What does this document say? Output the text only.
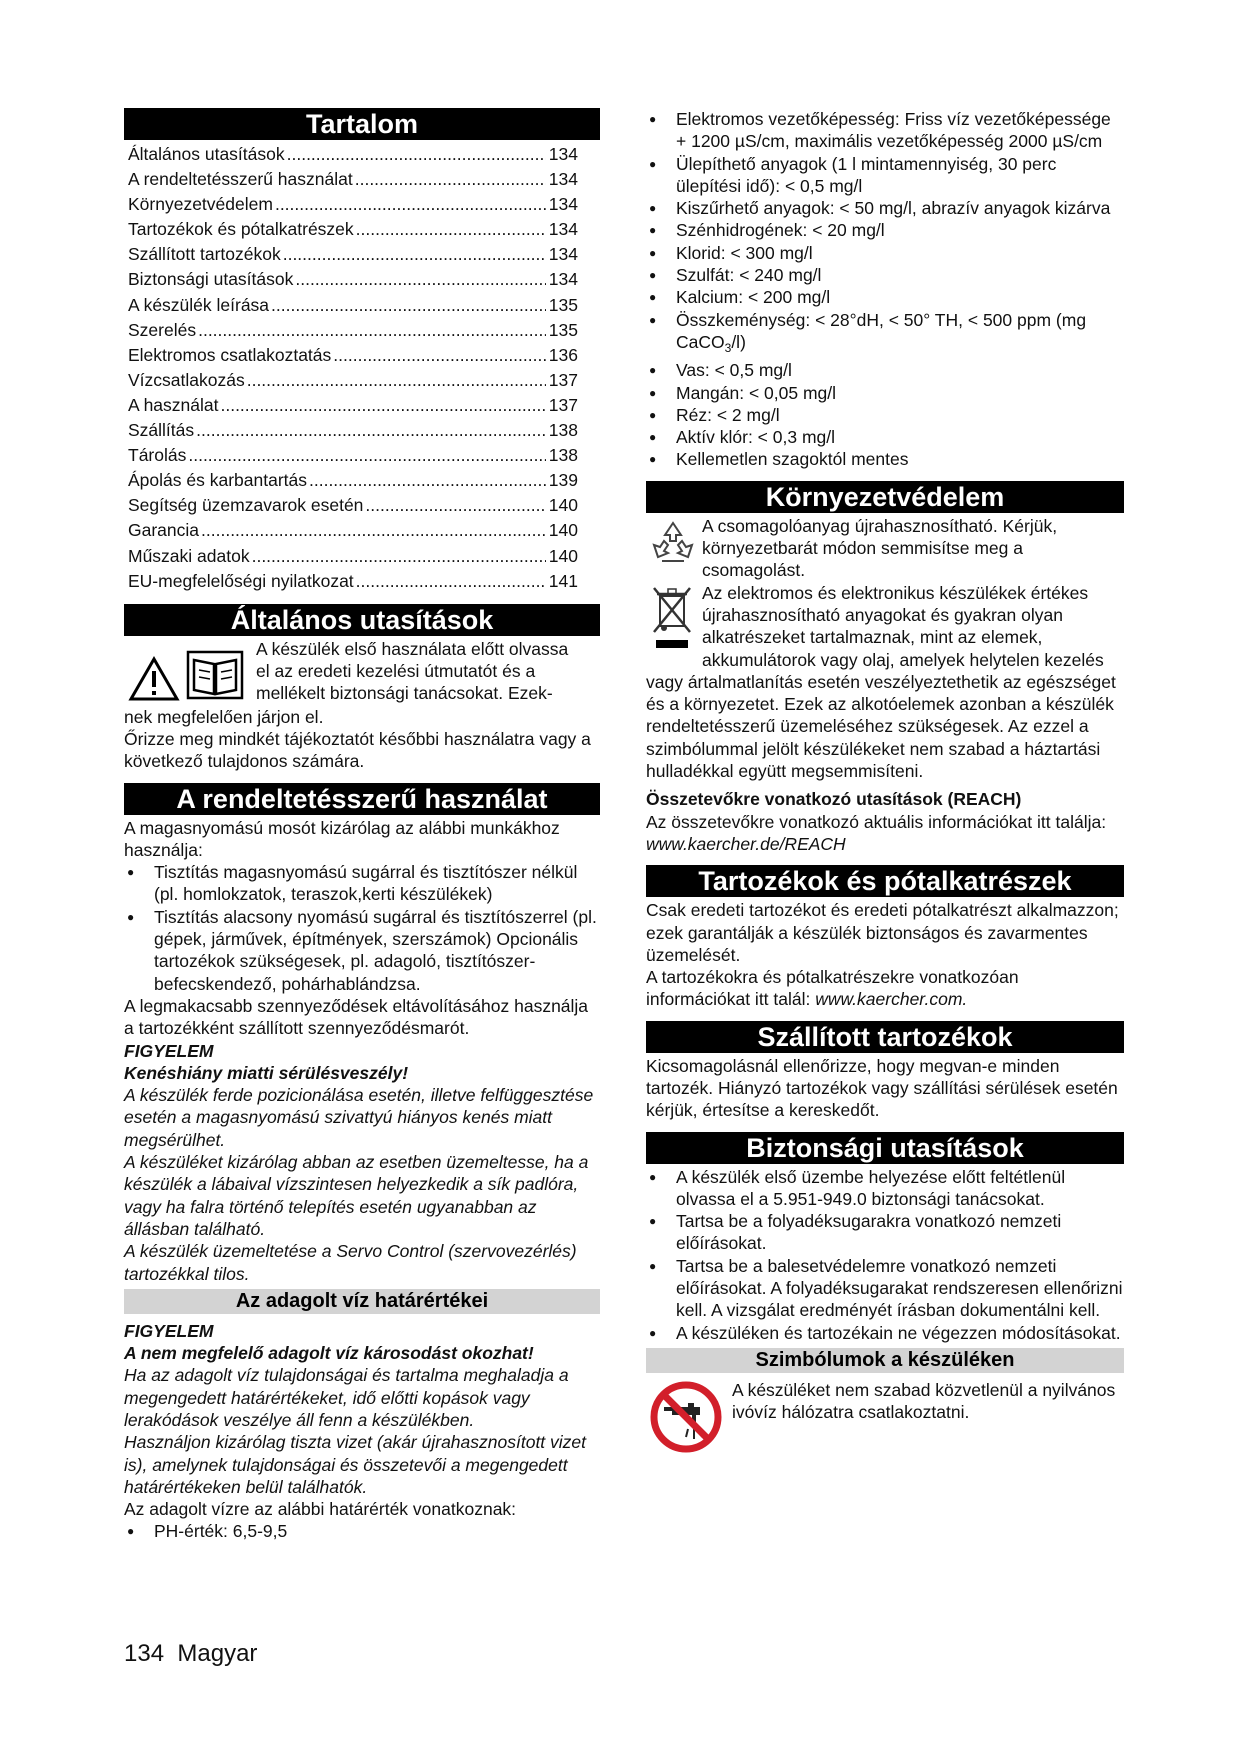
Tartalom
Általános utasítások .....	134
A rendeltetésszerű használat .....	134
Környezetvédelem .....	134
Tartozékok és pótalkatrészek .....	134
Szállított tartozékok .....	134
Biztonsági utasítások .....	134
A készülék leírása .....	135
Szerelés .....	135
Elektromos csatlakoztatás .....	136
Vízcsatlakozás .....	137
A használat .....	137
Szállítás .....	138
Tárolás .....	138
Ápolás és karbantartás .....	139
Segítség üzemzavarok esetén .....	140
Garancia .....	140
Műszaki adatok .....	140
EU-megfelelőségi nyilatkozat .....	141
Általános utasítások

A készülék első használata előtt olvassa

el az eredeti kezelési útmutatót és a

mellékelt biztonsági tanácsokat. Ezek-

nek megfelelően járjon el.

Őrizze meg mindkét tájékoztatót későbbi használatra vagy a következő tulajdonos számára.

A rendeltetésszerű használat

A magasnyomású mosót kizárólag az alábbi munkákhoz használja:

● Tisztítás magasnyomású sugárral és tisztítószer nélkül (pl. homlokzatok, teraszok,kerti készülékek)
● Tisztítás alacsony nyomású sugárral és tisztítószerrel (pl. gépek, járművek, építmények, szerszámok) Opcionális tartozékok szükségesek, pl. adagoló, tisztítószer-befecskendező, pohárhablándzsa.

A legmakacsabb szennyeződések eltávolításához használja a tartozékként szállított szennyeződésmarót.

FIGYELEM

Kenéshiány miatti sérülésveszély!

A készülék ferde pozicionálása esetén, illetve felfüggesztése esetén a magasnyomású szivattyú hiányos kenés miatt megsérülhet.

A készüléket kizárólag abban az esetben üzemeltesse, ha a készülék a lábaival vízszintesen helyezkedik a sík padlóra, vagy ha falra történő telepítés esetén ugyanabban az állásban található.

A készülék üzemeltetése a Servo Control (szervovezérlés) tartozékkal tilos.

Az adagolt víz határértékei

FIGYELEM

A nem megfelelő adagolt víz károsodást okozhat!

Ha az adagolt víz tulajdonságai és tartalma meghaladja a megengedett határértékeket, idő előtti kopások vagy lerakódások veszélye áll fenn a készülékben.

Használjon kizárólag tiszta vizet (akár újrahasznosított vizet is), amelynek tulajdonságai és összetevői a megengedett határértékeken belül találhatók.

Az adagolt vízre az alábbi határérték vonatkoznak:

● PH-érték: 6,5-9,5
● Elektromos vezetőképesség: Friss víz vezetőképessége + 1200 µS/cm, maximális vezetőképesség 2000 µS/cm
● Ülepíthető anyagok (1 l mintamennyiség, 30 perc ülepítési idő): < 0,5 mg/l
● Kiszűrhető anyagok: < 50 mg/l, abrazív anyagok kizárva
● Szénhidrogének: < 20 mg/l
● Klorid: < 300 mg/l
● Szulfát: < 240 mg/l
● Kalcium: < 200 mg/l
● Összkeménység: < 28°dH, < 50° TH, < 500 ppm (mg CaCO$_3$/l)
● Vas: < 0,5 mg/l
● Mangán: < 0,05 mg/l
● Réz: < 2 mg/l
● Aktív klór: < 0,3 mg/l
● Kellemetlen szagoktól mentes
Környezetvédelem

A csomagolóanyag újrahasznosítható. Kérjük, környezetbarát módon semmisítse meg a csomagolást.

Az elektromos és elektronikus készülékek értékes újrahasznosítható anyagokat és gyakran olyan alkatrészeket tartalmaznak, mint az elemek, akkumulátorok vagy olaj, amelyek helytelen kezelés vagy ártalmatlanítás esetén veszélyeztethetik az egészséget és a környezetet. Ezek az alkotóelemek azonban a készülék rendeltetésszerű üzemeléséhez szükségesek. Az ezzel a szimbólummal jelölt készülékeket nem szabad a háztartási hulladékkal együtt megsemmisíteni.

Összetevőkre vonatkozó utasítások (REACH)

Az összetevőkre vonatkozó aktuális információkat itt találja: www.kaercher.de/REACH

Tartozékok és pótalkatrészek

Csak eredeti tartozékot és eredeti pótalkatrészt alkalmazzon; ezek garantálják a készülék biztonságos és zavarmentes üzemelését.

A tartozékokra és pótalkatrészekre vonatkozóan információkat itt talál: www.kaercher.com.

Szállított tartozékok

Kicsomagolásnál ellenőrizze, hogy megvan-e minden tartozék. Hiányzó tartozékok vagy szállítási sérülések esetén kérjük, értesítse a kereskedőt.

Biztonsági utasítások
● A készülék első üzembe helyezése előtt feltétlenül olvassa el a 5.951-949.0 biztonsági tanácsokat.
● Tartsa be a folyadéksugarakra vonatkozó nemzeti előírásokat.
● Tartsa be a balesetvédelemre vonatkozó nemzeti előírásokat. A folyadéksugarakat rendszeresen ellenőrizni kell. A vizsgálat eredményét írásban dokumentálni kell.
● A készüléken és tartozékain ne végezzen módosításokat.
Szimbólumok a készüléken

A készüléket nem szabad közvetlenül a nyilvános ivóvíz hálózatra csatlakoztatni.

134 Magyar
